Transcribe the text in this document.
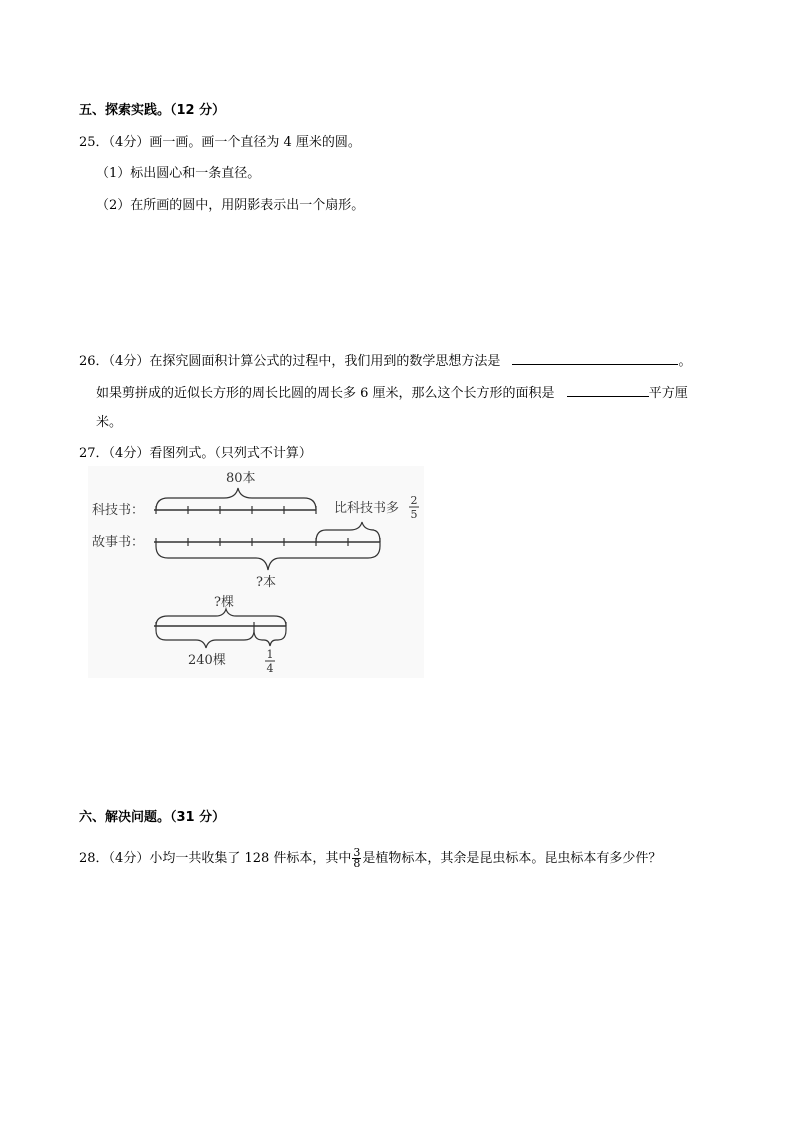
五、探索实践。（12 分）
25．（4分）画一画。画一个直径为 4 厘米的圆。
（1）标出圆心和一条直径。
（2）在所画的圆中，用阴影表示出一个扇形。
26．（4分）在探究圆面积计算公式的过程中，我们用到的数学思想方法是	。
如果剪拼成的近似长方形的周长比圆的周长多 6 厘米，那么这个长方形的面积是	平方厘
米。
27．（4分）看图列式。（只列式不计算）
80本
科技书：	比科技书多
2
5
故事书：
?本
?棵
240棵	1
4
六、解决问题。（31 分）
28．（4分）小均一共收集了 128 件标本，其中 $\frac{3}{8}$ 是植物标本，其余是昆虫标本。昆虫标本有多少件？
